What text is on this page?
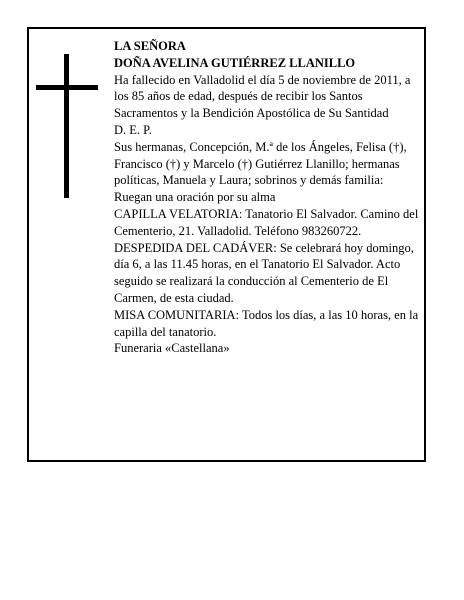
LA SEÑORA

DOÑA AVELINA GUTIÉRREZ LLANILLO

Ha fallecido en Valladolid el día 5 de noviembre de 2011, a los 85 años de edad, después de recibir los Santos Sacramentos y la Bendición Apostólica de Su Santidad

D. E. P.

Sus hermanas, Concepción, M.ª de los Ángeles, Felisa (†), Francisco (†) y Marcelo (†) Gutiérrez Llanillo; hermanas políticas, Manuela y Laura; sobrinos y demás familia:

Ruegan una oración por su alma

CAPILLA VELATORIA: Tanatorio El Salvador. Camino del Cementerio, 21. Valladolid. Teléfono 983260722.

DESPEDIDA DEL CADÁVER: Se celebrará hoy domingo, día 6, a las 11.45 horas, en el Tanatorio El Salvador. Acto seguido se realizará la conducción al Cementerio de El Carmen, de esta ciudad.

MISA COMUNITARIA: Todos los días, a las 10 horas, en la capilla del tanatorio.

Funeraria «Castellana»
